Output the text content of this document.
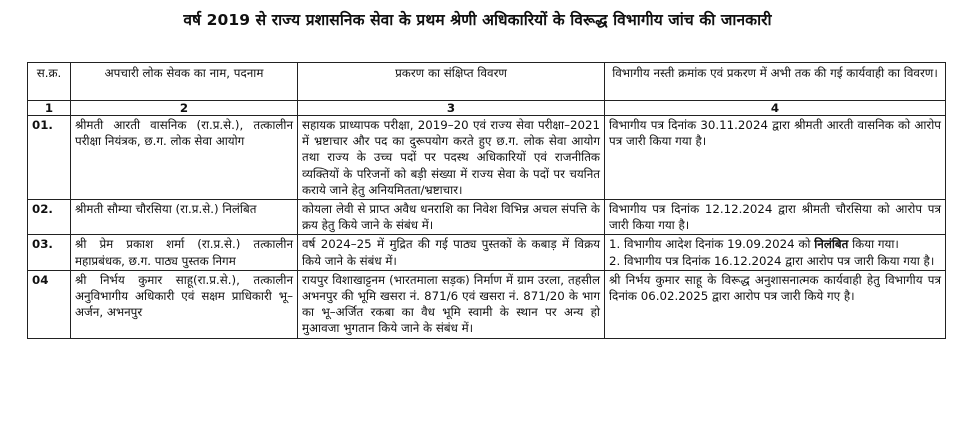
वर्ष 2019 से राज्य प्रशासनिक सेवा के प्रथम श्रेणी अधिकारियों के विरूद्ध विभागीय जांच की जानकारी
स.क्र.	अपचारी लोक सेवक का नाम, पदनाम	प्रकरण का संक्षिप्त विवरण	विभागीय नस्ती क्रमांक एवं प्रकरण में अभी तक की गई कार्यवाही का विवरण।
1	2	3	4
01.	श्रीमती आरती वासनिक (रा.प्र.से.), तत्कालीन परीक्षा नियंत्रक, छ.ग. लोक सेवा आयोग	सहायक प्राध्यापक परीक्षा, 2019–20 एवं राज्य सेवा परीक्षा–2021 में भ्रष्टाचार और पद का दुरूपयोग करते हुए छ.ग. लोक सेवा आयोग तथा राज्य के उच्च पदों पर पदस्थ अधिकारियों एवं राजनीतिक व्यक्तियों के परिजनों को बड़ी संख्या में राज्य सेवा के पदों पर चयनित कराये जाने हेतु अनियमितता/भ्रष्टाचार।	विभागीय पत्र दिनांक 30.11.2024 द्वारा श्रीमती आरती वासनिक को आरोप पत्र जारी किया गया है।
02.	श्रीमती सौम्या चौरसिया (रा.प्र.से.) निलंबित	कोयला लेवी से प्राप्त अवैध धनराशि का निवेश विभिन्न अचल संपत्ति के क्रय हेतु किये जाने के संबंध में।	विभागीय पत्र दिनांक 12.12.2024 द्वारा श्रीमती चौरसिया को आरोप पत्र जारी किया गया है।
03.	श्री प्रेम प्रकाश शर्मा (रा.प्र.से.) तत्कालीन महाप्रबंधक, छ.ग. पाठ्य पुस्तक निगम	वर्ष 2024–25 में मुद्रित की गई पाठ्य पुस्तकों के कबाड़ में विक्रय किये जाने के संबंध में।	1. विभागीय आदेश दिनांक 19.09.2024 को निलंबित किया गया।
2. विभागीय पत्र दिनांक 16.12.2024 द्वारा आरोप पत्र जारी किया गया है।

04	श्री निर्भय कुमार साहू(रा.प्र.से.), तत्कालीन अनुविभागीय अधिकारी एवं सक्षम प्राधिकारी भू–अर्जन, अभनपुर	रायपुर विशाखाट्टनम (भारतमाला सड़क) निर्माण में ग्राम उरला, तहसील अभनपुर की भूमि खसरा नं. 871/6 एवं खसरा नं. 871/20 के भाग का भू–अर्जित रकबा का वैध भूमि स्वामी के स्थान पर अन्य हो मुआवजा भुगतान किये जाने के संबंध में।	श्री निर्भय कुमार साहू के विरूद्ध अनुशासनात्मक कार्यवाही हेतु विभागीय पत्र दिनांक 06.02.2025 द्वारा आरोप पत्र जारी किये गए है।
